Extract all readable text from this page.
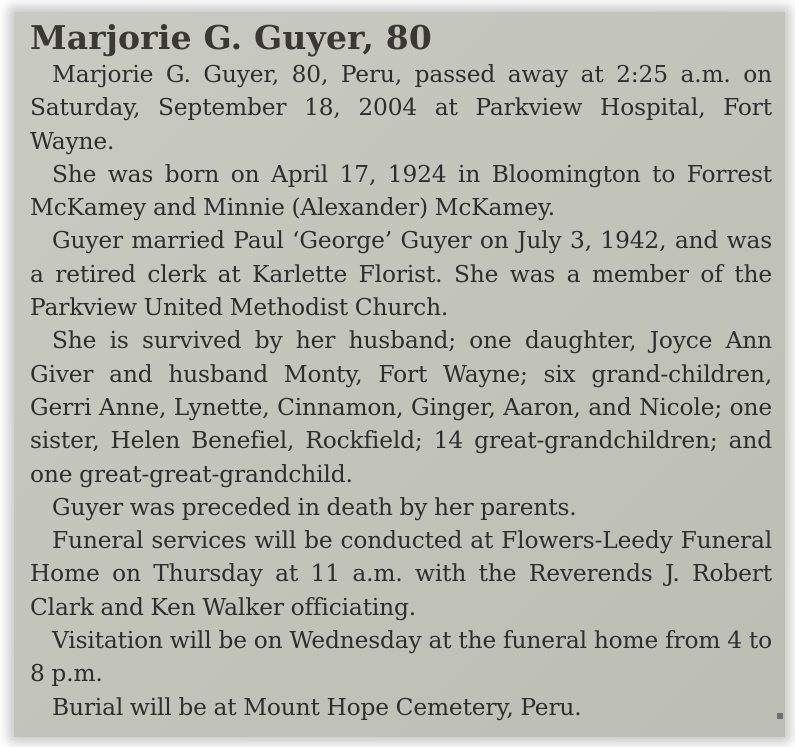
Marjorie G. Guyer, 80

Marjorie G. Guyer, 80, Peru, passed away at 2:25 a.m. on Saturday, September 18, 2004 at Parkview Hospital, Fort Wayne.

She was born on April 17, 1924 in Bloomington to Forrest McKamey and Minnie (Alexander) McKamey.

Guyer married Paul ‘George’ Guyer on July 3, 1942, and was a retired clerk at Karlette Florist. She was a member of the Parkview United Methodist Church.

She is survived by her husband; one daughter, Joyce Ann Giver and husband Monty, Fort Wayne; six grand-children, Gerri Anne, Lynette, Cinnamon, Ginger, Aaron, and Nicole; one sister, Helen Benefiel, Rockfield; 14 great-grandchildren; and one great-great-grandchild.

Guyer was preceded in death by her parents.

Funeral services will be conducted at Flowers-Leedy Funeral Home on Thursday at 11 a.m. with the Reverends J. Robert Clark and Ken Walker officiating.

Visitation will be on Wednesday at the funeral home from 4 to 8 p.m.

Burial will be at Mount Hope Cemetery, Peru.
